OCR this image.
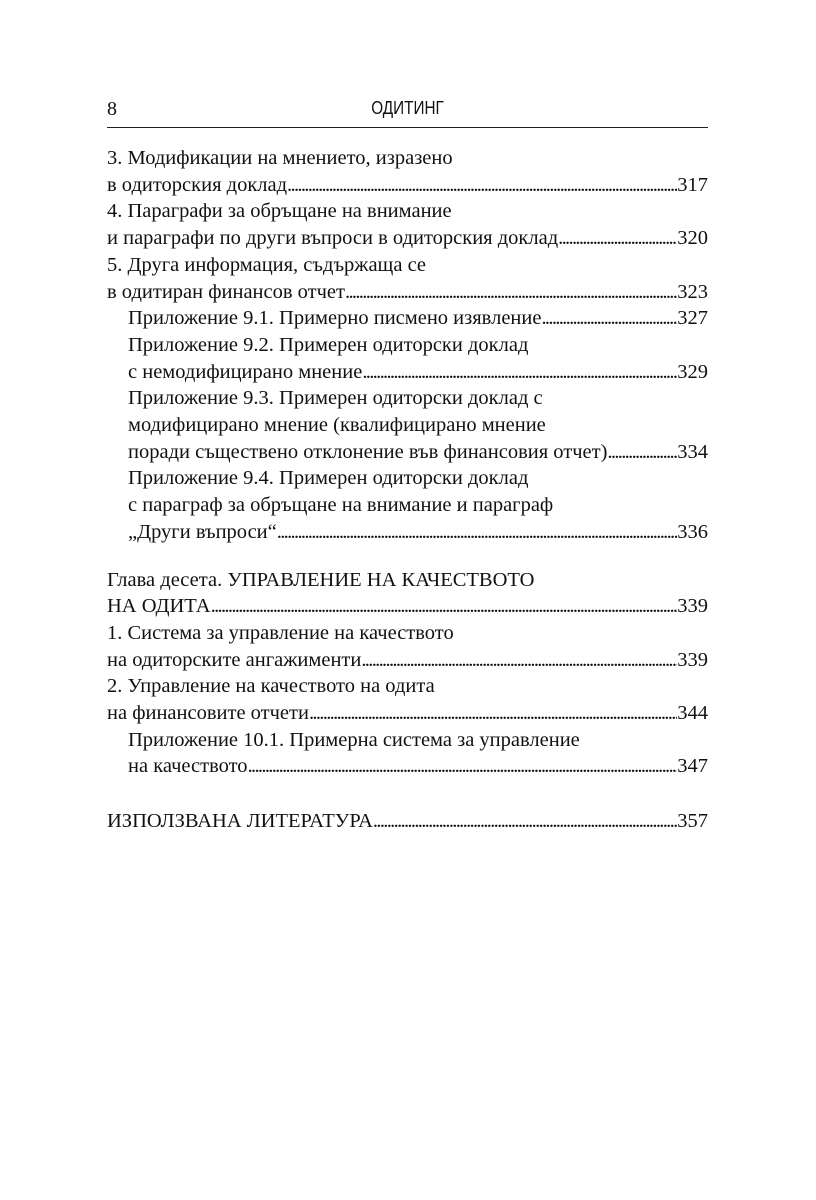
8	ОДИТИНГ
3. Модификации на мнението, изразено
в одиторския доклад . . .	317
4. Параграфи за обръщане на внимание
и параграфи по други въпроси в одиторския доклад . . .	320
5. Друга информация, съдържаща се
в одитиран финансов отчет . . .	323
Приложение 9.1. Примерно писмено изявление . . .	327
Приложение 9.2. Примерен одиторски доклад
с немодифицирано мнение . . .	329
Приложение 9.3. Примерен одиторски доклад с
модифицирано мнение (квалифицирано мнение
поради съществено отклонение във финансовия отчет) . . .	334
Приложение 9.4. Примерен одиторски доклад
с параграф за обръщане на внимание и параграф
„Други въпроси“ . . .	336
Глава десета. УПРАВЛЕНИЕ НА КАЧЕСТВОТО
НА ОДИТА . . .	339
1. Система за управление на качеството
на одиторските ангажименти . . .	339
2. Управление на качеството на одита
на финансовите отчети . . .	344
Приложение 10.1. Примерна система за управление
на качеството . . .	347
ИЗПОЛЗВАНА ЛИТЕРАТУРА . . .	357
